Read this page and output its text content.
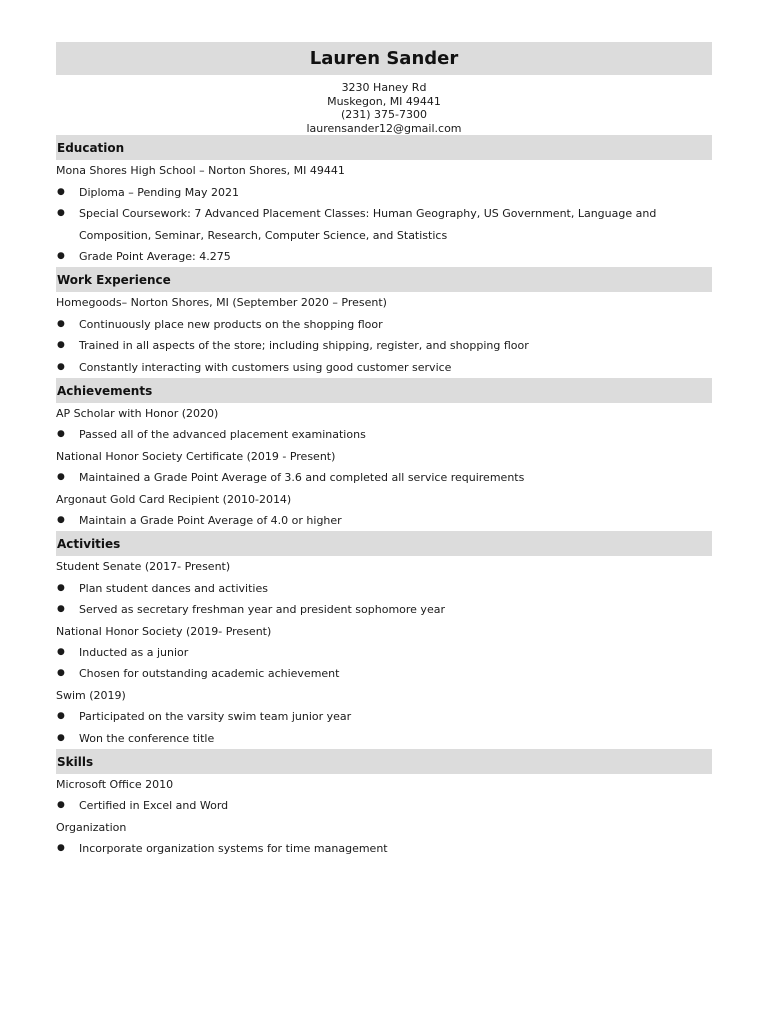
Lauren Sander
3230 Haney Rd
Muskegon, MI 49441
(231) 375-7300
laurensander12@gmail.com
Education
Mona Shores High School – Norton Shores, MI 49441
● Diploma – Pending May 2021
● Special Coursework: 7 Advanced Placement Classes: Human Geography, US Government, Language and Composition, Seminar, Research, Computer Science, and Statistics
● Grade Point Average: 4.275
Work Experience
Homegoods– Norton Shores, MI (September 2020 – Present)
● Continuously place new products on the shopping floor
● Trained in all aspects of the store; including shipping, register, and shopping floor
● Constantly interacting with customers using good customer service
Achievements
AP Scholar with Honor (2020)
● Passed all of the advanced placement examinations
National Honor Society Certificate (2019 - Present)
● Maintained a Grade Point Average of 3.6 and completed all service requirements
Argonaut Gold Card Recipient (2010-2014)
● Maintain a Grade Point Average of 4.0 or higher
Activities
Student Senate (2017- Present)
● Plan student dances and activities
● Served as secretary freshman year and president sophomore year
National Honor Society (2019- Present)
● Inducted as a junior
● Chosen for outstanding academic achievement
Swim (2019)
● Participated on the varsity swim team junior year
● Won the conference title
Skills
Microsoft Office 2010
● Certified in Excel and Word
Organization
● Incorporate organization systems for time management
